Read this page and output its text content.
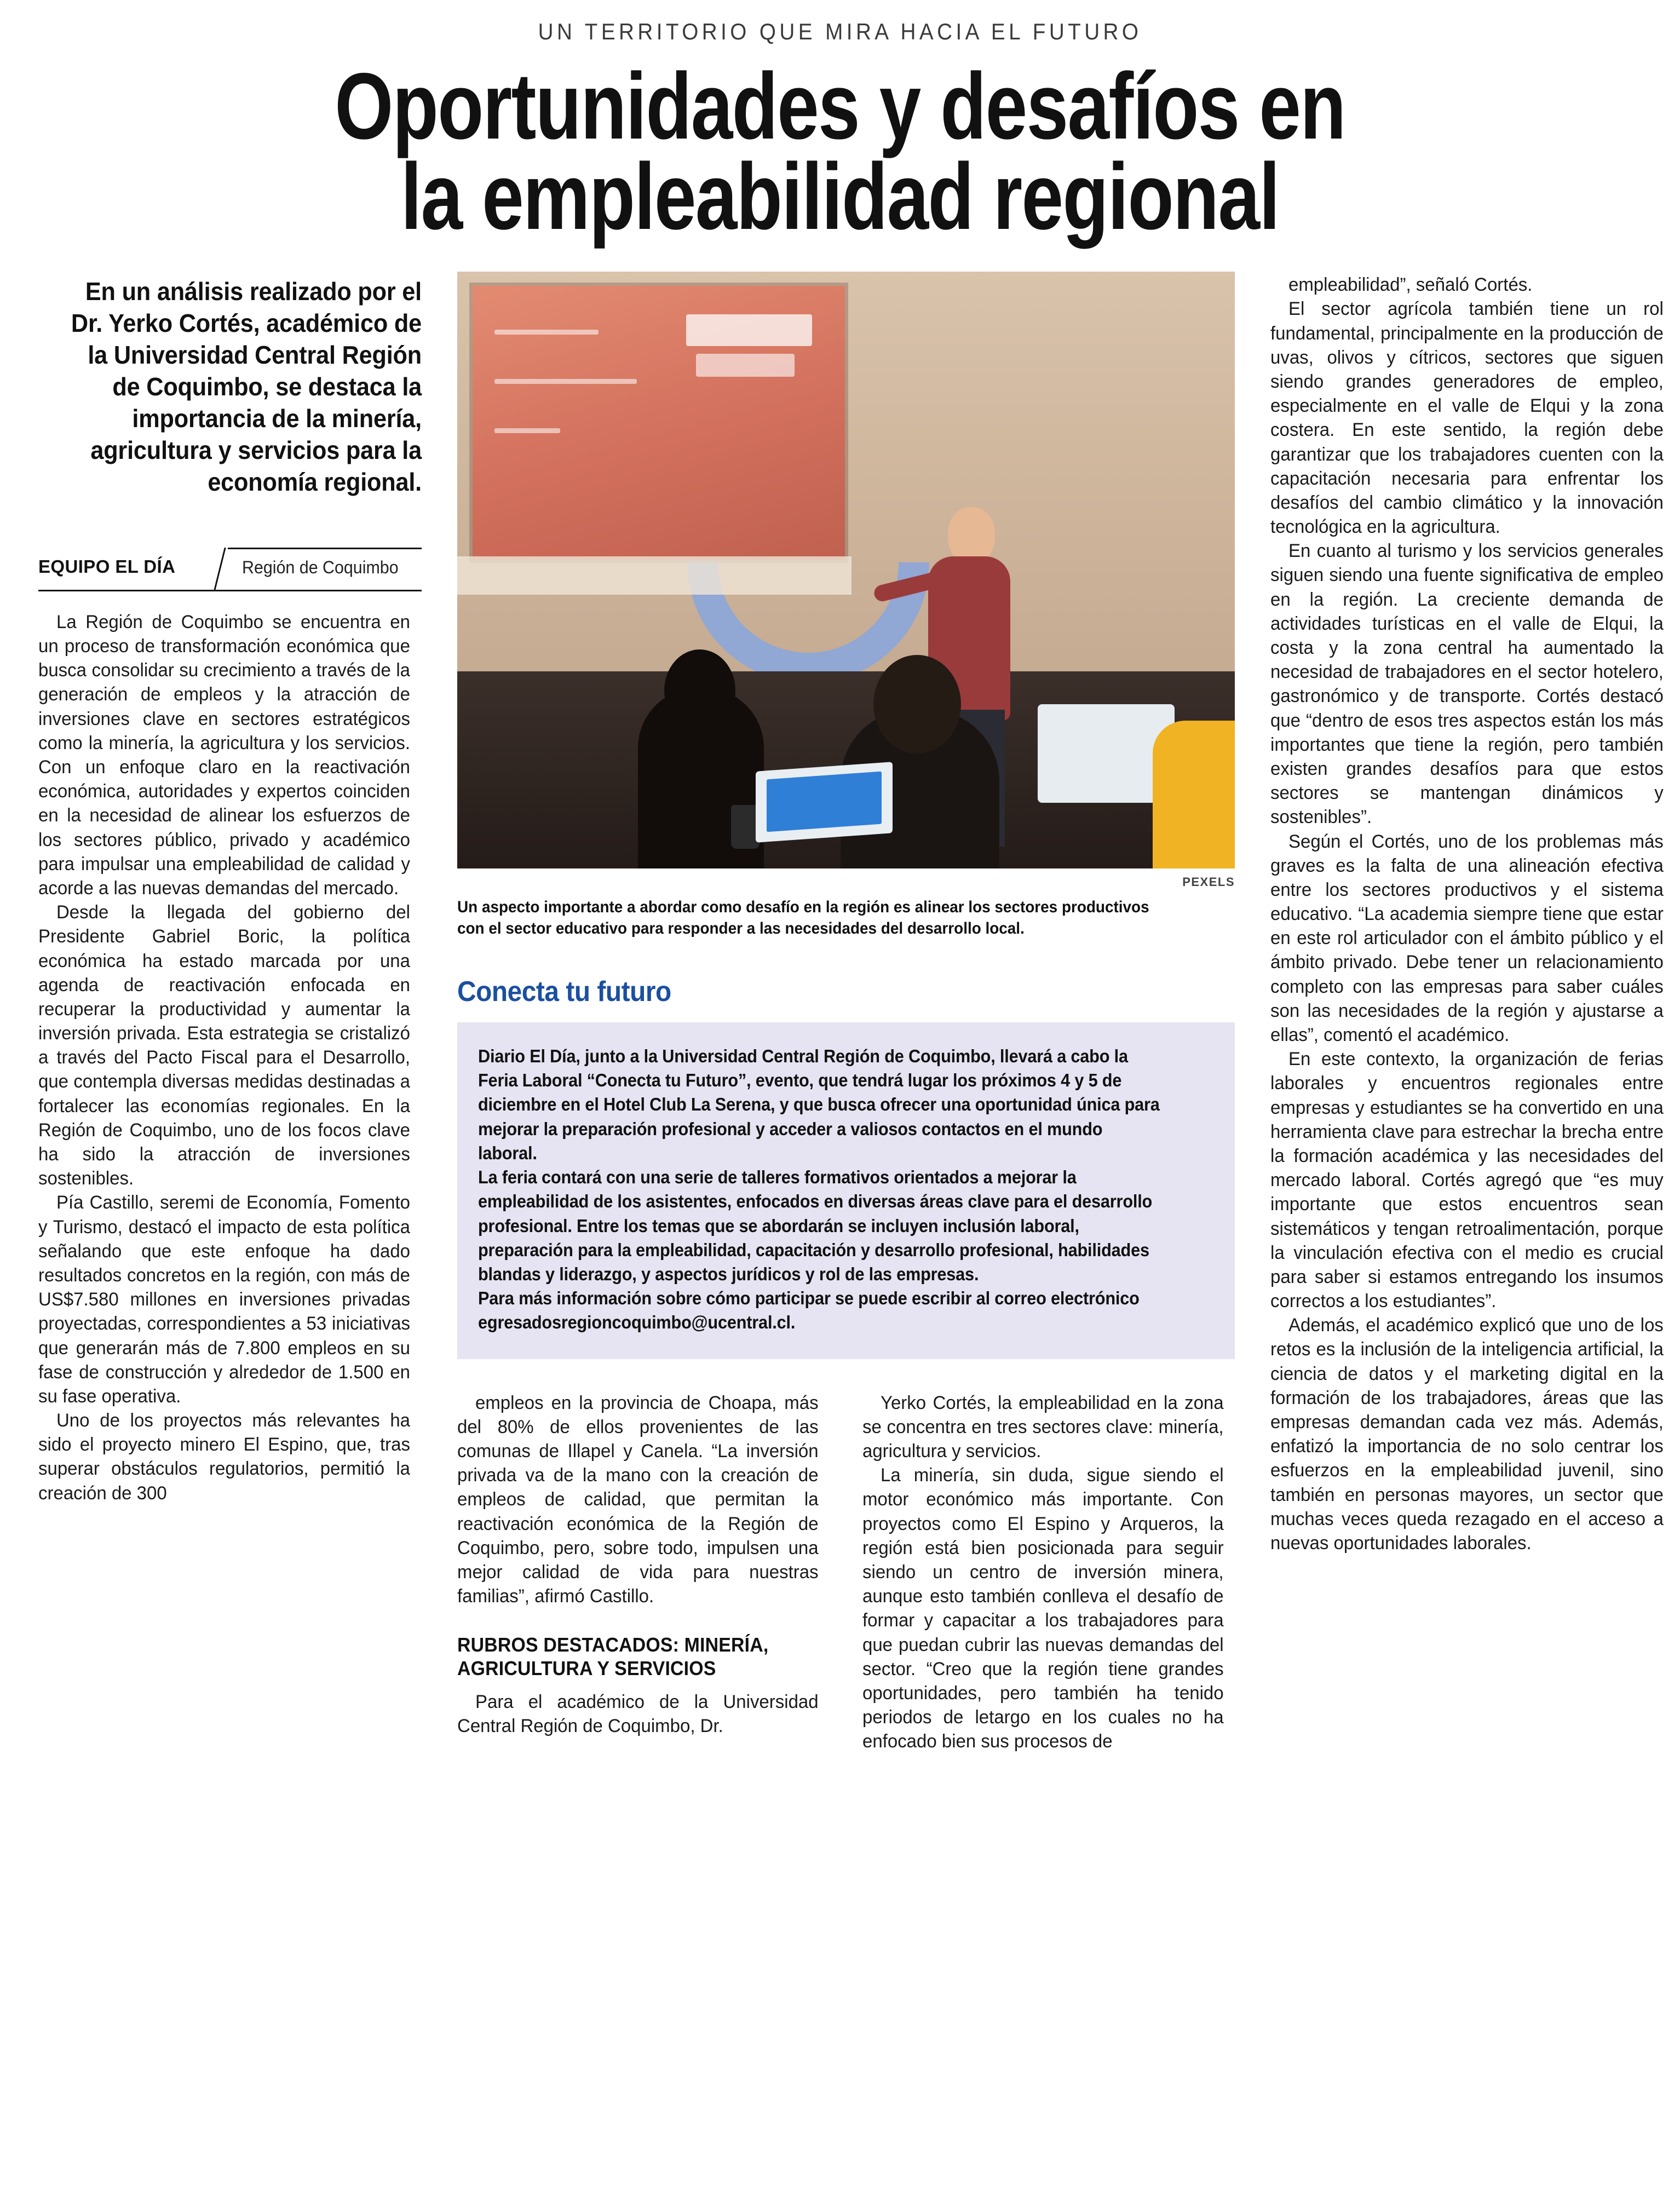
UN TERRITORIO QUE MIRA HACIA EL FUTURO
Oportunidades y desafíos en
la empleabilidad regional
En un análisis realizado por el Dr. Yerko Cortés, académico de la Universidad Central Región de Coquimbo, se destaca la importancia de la minería, agricultura y servicios para la economía regional.
EQUIPO EL DÍA	Región de Coquimbo

La Región de Coquimbo se encuentra en un proceso de transformación económica que busca consolidar su crecimiento a través de la generación de empleos y la atracción de inversiones clave en sectores estratégicos como la minería, la agricultura y los servicios. Con un enfoque claro en la reactivación económica, autoridades y expertos coinciden en la necesidad de alinear los esfuerzos de los sectores público, privado y académico para impulsar una empleabilidad de calidad y acorde a las nuevas demandas del mercado.

Desde la llegada del gobierno del Presidente Gabriel Boric, la política económica ha estado marcada por una agenda de reactivación enfocada en recuperar la productividad y aumentar la inversión privada. Esta estrategia se cristalizó a través del Pacto Fiscal para el Desarrollo, que contempla diversas medidas destinadas a fortalecer las economías regionales. En la Región de Coquimbo, uno de los focos clave ha sido la atracción de inversiones sostenibles.

Pía Castillo, seremi de Economía, Fomento y Turismo, destacó el impacto de esta política señalando que este enfoque ha dado resultados concretos en la región, con más de US$7.580 millones en inversiones privadas proyectadas, correspondientes a 53 iniciativas que generarán más de 7.800 empleos en su fase de construcción y alrededor de 1.500 en su fase operativa.

Uno de los proyectos más relevantes ha sido el proyecto minero El Espino, que, tras superar obstáculos regulatorios, permitió la creación de 300

PEXELS
Un aspecto importante a abordar como desafío en la región es alinear los sectores productivos con el sector educativo para responder a las necesidades del desarrollo local.
Conecta tu futuro

Diario El Día, junto a la Universidad Central Región de Coquimbo, llevará a cabo la Feria Laboral “Conecta tu Futuro”, evento, que tendrá lugar los próximos 4 y 5 de diciembre en el Hotel Club La Serena, y que busca ofrecer una oportunidad única para mejorar la preparación profesional y acceder a valiosos contactos en el mundo laboral.

La feria contará con una serie de talleres formativos orientados a mejorar la empleabilidad de los asistentes, enfocados en diversas áreas clave para el desarrollo profesional. Entre los temas que se abordarán se incluyen inclusión laboral, preparación para la empleabilidad, capacitación y desarrollo profesional, habilidades blandas y liderazgo, y aspectos jurídicos y rol de las empresas.

Para más información sobre cómo participar se puede escribir al correo electrónico egresadosregioncoquimbo@ucentral.cl.

empleos en la provincia de Choapa, más del 80% de ellos provenientes de las comunas de Illapel y Canela. “La inversión privada va de la mano con la creación de empleos de calidad, que permitan la reactivación económica de la Región de Coquimbo, pero, sobre todo, impulsen una mejor calidad de vida para nuestras familias”, afirmó Castillo.

RUBROS DESTACADOS: MINERÍA, AGRICULTURA Y SERVICIOS

Para el académico de la Universidad Central Región de Coquimbo, Dr.

Yerko Cortés, la empleabilidad en la zona se concentra en tres sectores clave: minería, agricultura y servicios.

La minería, sin duda, sigue siendo el motor económico más importante. Con proyectos como El Espino y Arqueros, la región está bien posicionada para seguir siendo un centro de inversión minera, aunque esto también conlleva el desafío de formar y capacitar a los trabajadores para que puedan cubrir las nuevas demandas del sector. “Creo que la región tiene grandes oportunidades, pero también ha tenido periodos de letargo en los cuales no ha enfocado bien sus procesos de

empleabilidad”, señaló Cortés.

El sector agrícola también tiene un rol fundamental, principalmente en la producción de uvas, olivos y cítricos, sectores que siguen siendo grandes generadores de empleo, especialmente en el valle de Elqui y la zona costera. En este sentido, la región debe garantizar que los trabajadores cuenten con la capacitación necesaria para enfrentar los desafíos del cambio climático y la innovación tecnológica en la agricultura.

En cuanto al turismo y los servicios generales siguen siendo una fuente significativa de empleo en la región. La creciente demanda de actividades turísticas en el valle de Elqui, la costa y la zona central ha aumentado la necesidad de trabajadores en el sector hotelero, gastronómico y de transporte. Cortés destacó que “dentro de esos tres aspectos están los más importantes que tiene la región, pero también existen grandes desafíos para que estos sectores se mantengan dinámicos y sostenibles”.

Según el Cortés, uno de los problemas más graves es la falta de una alineación efectiva entre los sectores productivos y el sistema educativo. “La academia siempre tiene que estar en este rol articulador con el ámbito público y el ámbito privado. Debe tener un relacionamiento completo con las empresas para saber cuáles son las necesidades de la región y ajustarse a ellas”, comentó el académico.

En este contexto, la organización de ferias laborales y encuentros regionales entre empresas y estudiantes se ha convertido en una herramienta clave para estrechar la brecha entre la formación académica y las necesidades del mercado laboral. Cortés agregó que “es muy importante que estos encuentros sean sistemáticos y tengan retroalimentación, porque la vinculación efectiva con el medio es crucial para saber si estamos entregando los insumos correctos a los estudiantes”.

Además, el académico explicó que uno de los retos es la inclusión de la inteligencia artificial, la ciencia de datos y el marketing digital en la formación de los trabajadores, áreas que las empresas demandan cada vez más. Además, enfatizó la importancia de no solo centrar los esfuerzos en la empleabilidad juvenil, sino también en personas mayores, un sector que muchas veces queda rezagado en el acceso a nuevas oportunidades laborales.
